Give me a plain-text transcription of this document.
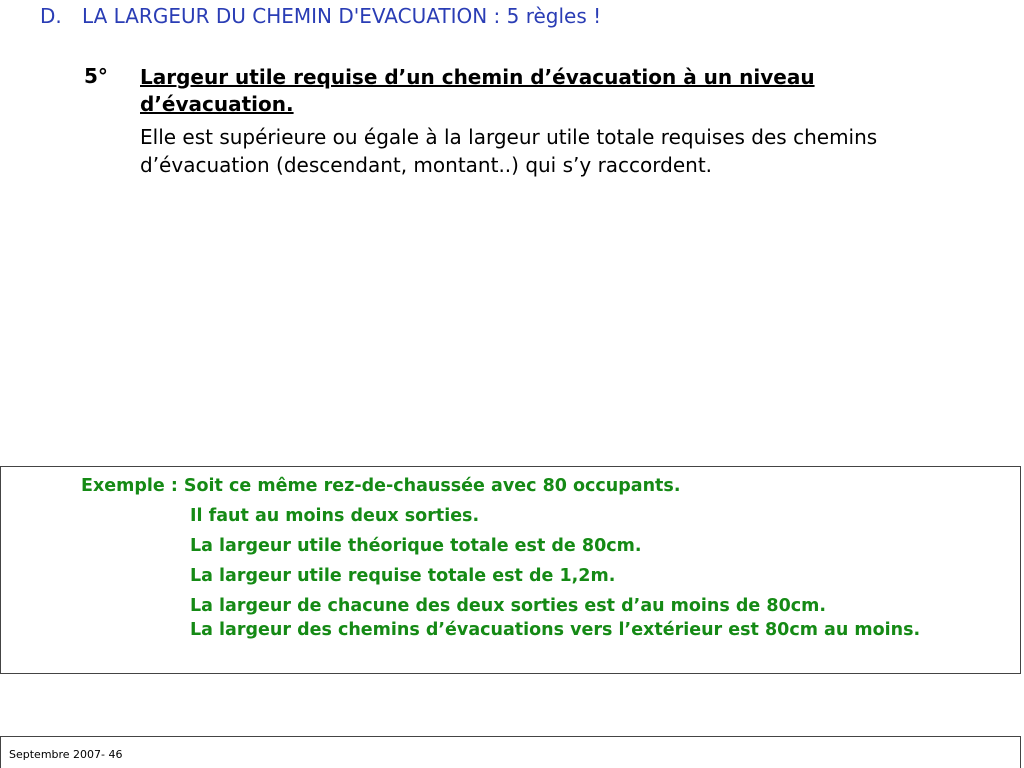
D. LA LARGEUR DU CHEMIN D'EVACUATION : 5 règles !
5° Largeur utile requise d’un chemin d’évacuation à un niveau d’évacuation.
Elle est supérieure ou égale à la largeur utile totale requises des chemins d’évacuation (descendant, montant..) qui s’y raccordent.
Exemple : Soit ce même rez-de-chaussée avec 80 occupants.
Il faut au moins deux sorties.
La largeur utile théorique totale est de 80cm.
La largeur utile requise totale est de 1,2m.
La largeur de chacune des deux sorties est d’au moins de 80cm.
La largeur des chemins d’évacuations vers l’extérieur est 80cm au moins.
Septembre 2007- 46
